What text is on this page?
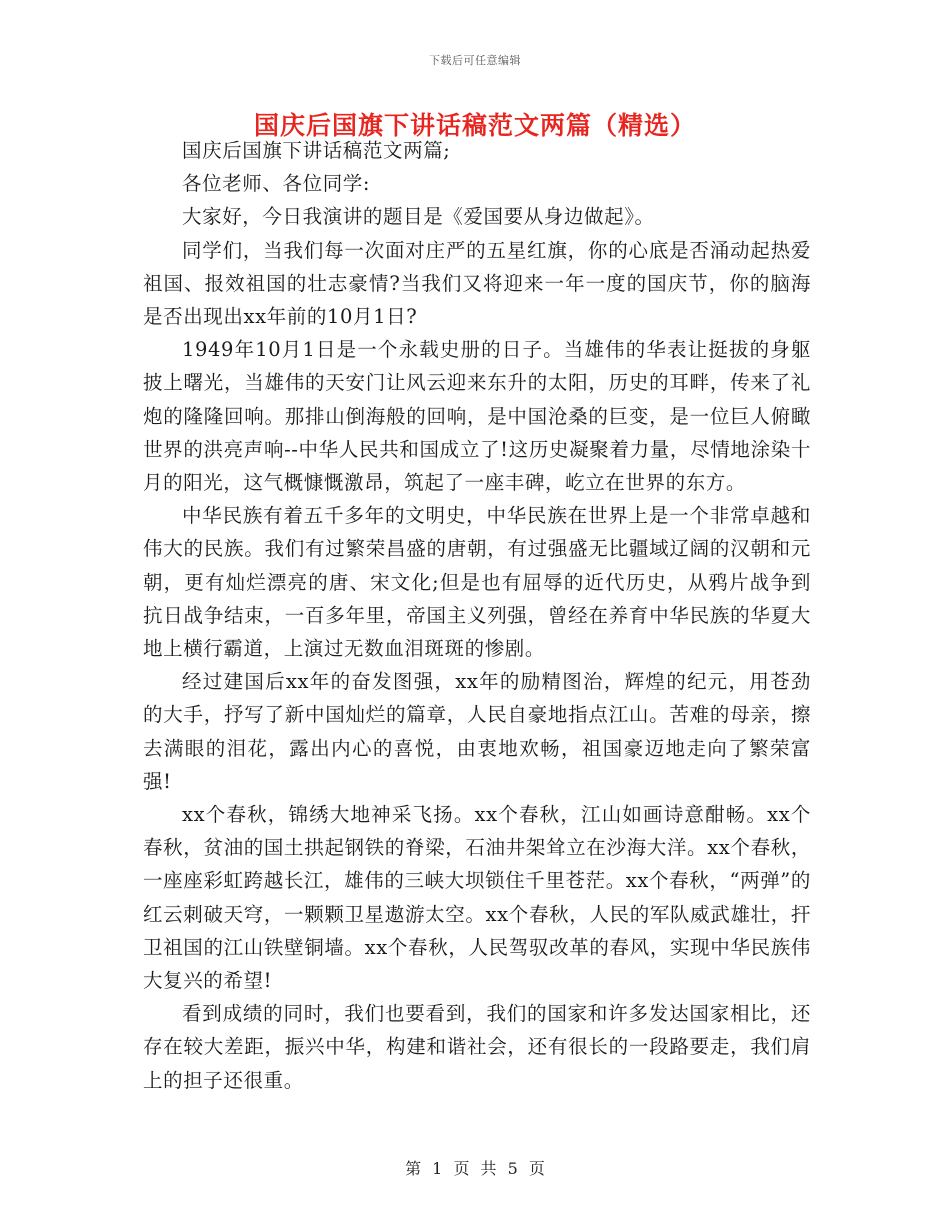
下载后可任意编辑
国庆后国旗下讲话稿范文两篇（精选）

国庆后国旗下讲话稿范文两篇;

各位老师、各位同学:

大家好，今日我演讲的题目是《爱国要从身边做起》。

同学们，当我们每一次面对庄严的五星红旗，你的心底是否涌动起热爱祖国、报效祖国的壮志豪情?当我们又将迎来一年一度的国庆节，你的脑海是否出现出xx年前的10月1日?

1949年10月1日是一个永载史册的日子。当雄伟的华表让挺拔的身躯披上曙光，当雄伟的天安门让风云迎来东升的太阳，历史的耳畔，传来了礼炮的隆隆回响。那排山倒海般的回响，是中国沧桑的巨变，是一位巨人俯瞰世界的洪亮声响--中华人民共和国成立了!这历史凝聚着力量，尽情地涂染十月的阳光，这气概慷慨激昂，筑起了一座丰碑，屹立在世界的东方。

中华民族有着五千多年的文明史，中华民族在世界上是一个非常卓越和伟大的民族。我们有过繁荣昌盛的唐朝，有过强盛无比疆域辽阔的汉朝和元朝，更有灿烂漂亮的唐、宋文化;但是也有屈辱的近代历史，从鸦片战争到抗日战争结束，一百多年里，帝国主义列强，曾经在养育中华民族的华夏大地上横行霸道，上演过无数血泪斑斑的惨剧。

经过建国后xx年的奋发图强，xx年的励精图治，辉煌的纪元，用苍劲的大手，抒写了新中国灿烂的篇章，人民自豪地指点江山。苦难的母亲，擦去满眼的泪花，露出内心的喜悦，由衷地欢畅，祖国豪迈地走向了繁荣富强!

xx个春秋，锦绣大地神采飞扬。xx个春秋，江山如画诗意酣畅。xx个春秋，贫油的国土拱起钢铁的脊梁，石油井架耸立在沙海大洋。xx个春秋，一座座彩虹跨越长江，雄伟的三峡大坝锁住千里苍茫。xx个春秋，“两弹”的红云刺破天穹，一颗颗卫星遨游太空。xx个春秋，人民的军队威武雄壮，扞卫祖国的江山铁壁铜墙。xx个春秋，人民驾驭改革的春风，实现中华民族伟大复兴的希望!

看到成绩的同时，我们也要看到，我们的国家和许多发达国家相比，还存在较大差距，振兴中华，构建和谐社会，还有很长的一段路要走，我们肩上的担子还很重。

第 1 页 共 5 页
